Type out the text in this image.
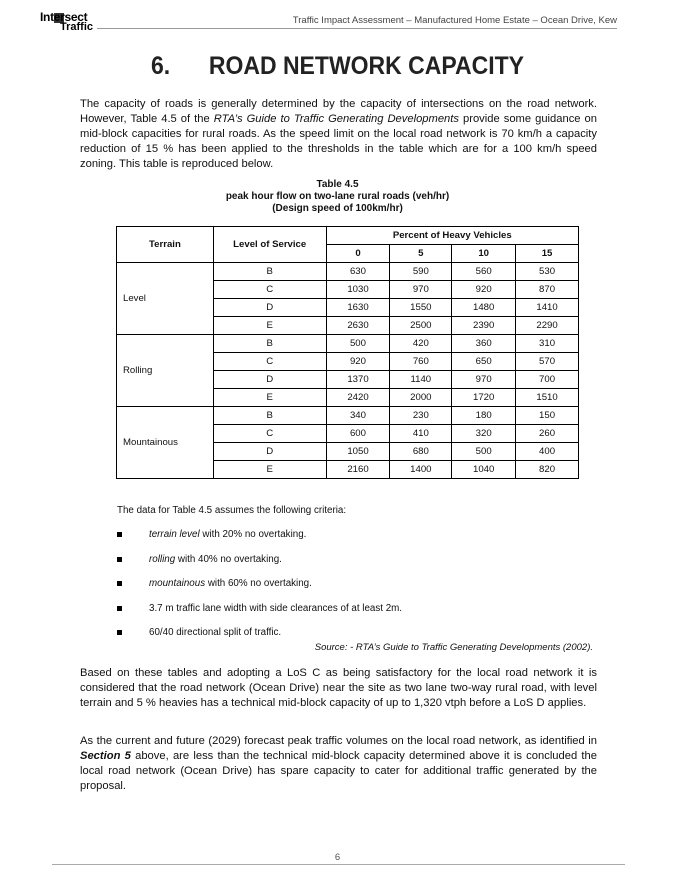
Intersect
Traffic
Traffic Impact Assessment – Manufactured Home Estate – Ocean Drive, Kew
6. ROAD NETWORK CAPACITY
The capacity of roads is generally determined by the capacity of intersections on the road network. However, Table 4.5 of the RTA’s Guide to Traffic Generating Developments provide some guidance on mid-block capacities for rural roads. As the speed limit on the local road network is 70 km/h a capacity reduction of 15 % has been applied to the thresholds in the table which are for a 100 km/h speed zoning. This table is reproduced below.
Table 4.5
peak hour flow on two-lane rural roads (veh/hr)
(Design speed of 100km/hr)
Terrain	Level of Service	Percent of Heavy Vehicles			
		0	5	10	15
Level	B	630	590	560	530
	C	1030	970	920	870
	D	1630	1550	1480	1410
	E	2630	2500	2390	2290
Rolling	B	500	420	360	310
	C	920	760	650	570
	D	1370	1140	970	700
	E	2420	2000	1720	1510
Mountainous	B	340	230	180	150
	C	600	410	320	260
	D	1050	680	500	400
	E	2160	1400	1040	820
The data for Table 4.5 assumes the following criteria:
terrain level with 20% no overtaking.
rolling with 40% no overtaking.
mountainous with 60% no overtaking.
3.7 m traffic lane width with side clearances of at least 2m.
60/40 directional split of traffic.
Source: - RTA’s Guide to Traffic Generating Developments (2002).
Based on these tables and adopting a LoS C as being satisfactory for the local road network it is considered that the road network (Ocean Drive) near the site as two lane two-way rural road, with level terrain and 5 % heavies has a technical mid-block capacity of up to 1,320 vtph before a LoS D applies.
As the current and future (2029) forecast peak traffic volumes on the local road network, as identified in Section 5 above, are less than the technical mid-block capacity determined above it is concluded the local road network (Ocean Drive) has spare capacity to cater for additional traffic generated by the proposal.
6
